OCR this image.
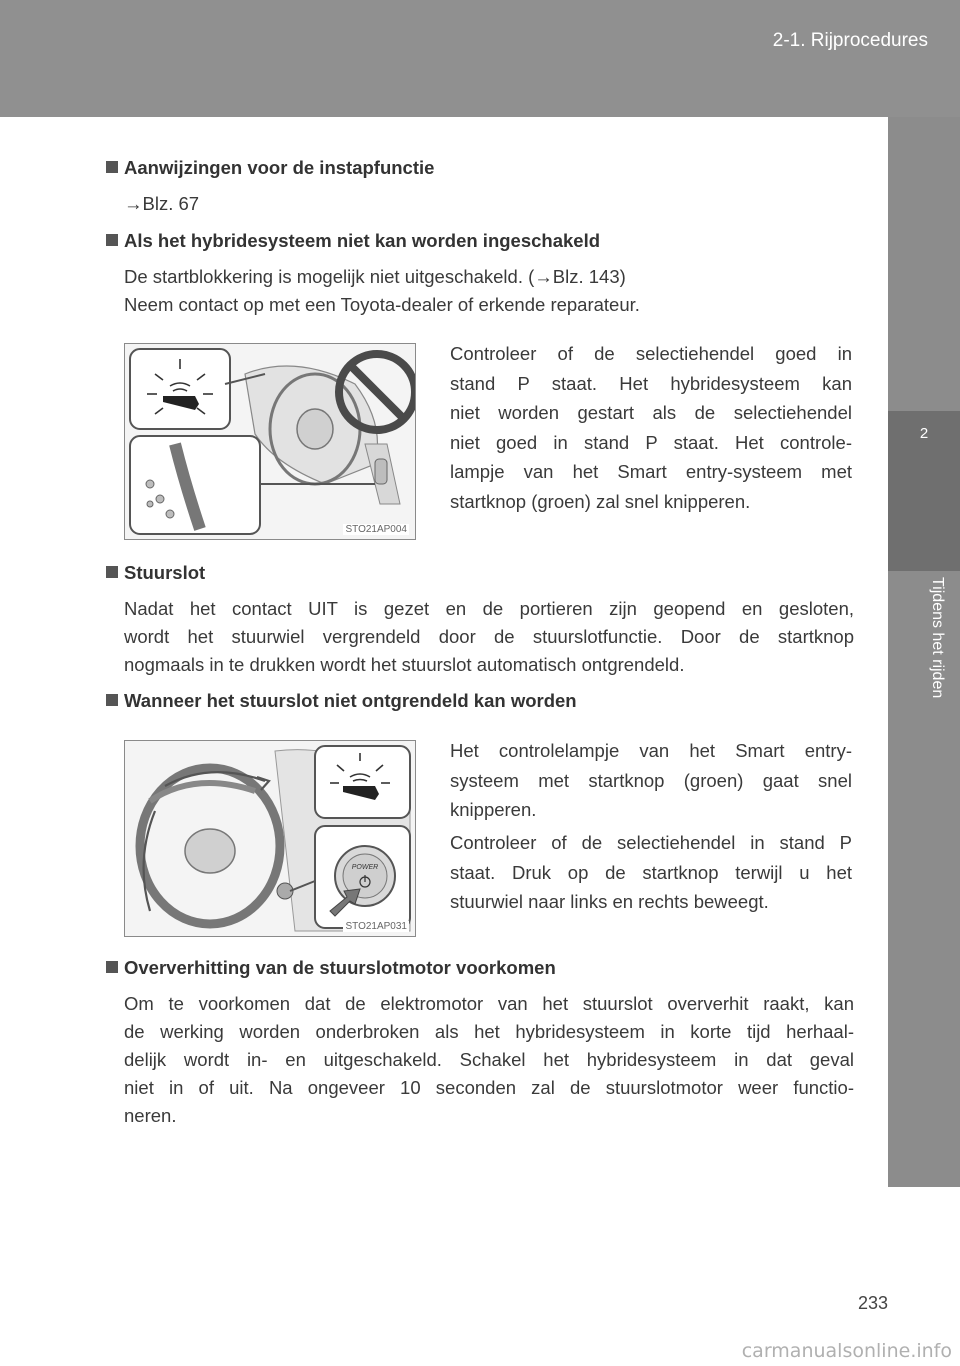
2-1. Rijprocedures
2
Tijdens het rijden
Aanwijzingen voor de instapfunctie
→Blz. 67
Als het hybridesysteem niet kan worden ingeschakeld
De startblokkering is mogelijk niet uitgeschakeld. (→Blz. 143)
Neem contact op met een Toyota-dealer of erkende reparateur.
STO21AP004
Controleer of de selectiehendel goed in
stand P staat. Het hybridesysteem kan
niet worden gestart als de selectiehendel
niet goed in stand P staat. Het controle-
lampje van het Smart entry-systeem met
startknop (groen) zal snel knipperen.
Stuurslot
Nadat het contact UIT is gezet en de portieren zijn geopend en gesloten,
wordt het stuurwiel vergrendeld door de stuurslotfunctie. Door de startknop
nogmaals in te drukken wordt het stuurslot automatisch ontgrendeld.
Wanneer het stuurslot niet ontgrendeld kan worden
POWER
STO21AP031
Het controlelampje van het Smart entry-
systeem met startknop (groen) gaat snel
knipperen.
Controleer of de selectiehendel in stand P
staat. Druk op de startknop terwijl u het
stuurwiel naar links en rechts beweegt.
Oververhitting van de stuurslotmotor voorkomen
Om te voorkomen dat de elektromotor van het stuurslot oververhit raakt, kan
de werking worden onderbroken als het hybridesysteem in korte tijd herhaal-
delijk wordt in- en uitgeschakeld. Schakel het hybridesysteem in dat geval
niet in of uit. Na ongeveer 10 seconden zal de stuurslotmotor weer functio-
neren.
233
carmanualsonline.info
